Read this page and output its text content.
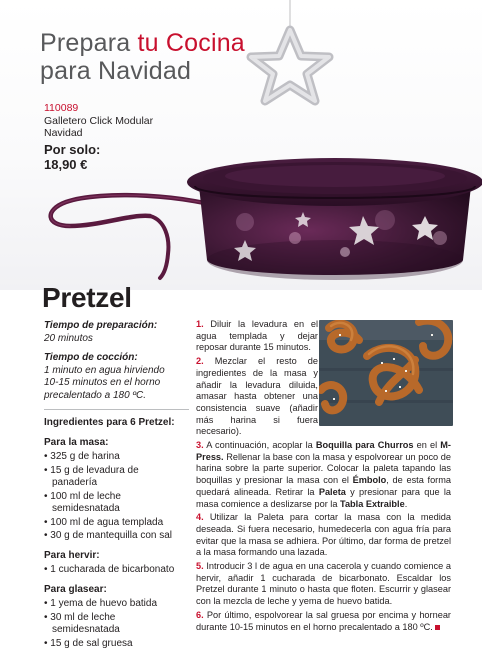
Prepara tu Cocina
para Navidad
110089
Galletero Click Modular
Navidad
Por solo:
18,90 €
Pretzel
Tiempo de preparación:
20 minutos
Tiempo de cocción:
1 minuto en agua hirviendo
10-15 minutos en el horno
precalentado a 180 ºC.
Ingredientes para 6 Pretzel:
Para la masa:
• 325 g de harina
• 15 g de levadura de panadería
• 100 ml de leche semidesnatada
• 100 ml de agua templada
• 30 g de mantequilla con sal
Para hervir:
• 1 cucharada de bicarbonato
Para glasear:
• 1 yema de huevo batida
• 30 ml de leche semidesnatada
• 15 g de sal gruesa
1. Diluir la levadura en el agua templada y dejar reposar durante 15 minutos.
2. Mezclar el resto de ingredientes de la masa y añadir la levadura diluida, amasar hasta obtener una consistencia suave (añadir más harina si fuera necesario).
3. A continuación, acoplar la Boquilla para Churros en el M-Press. Rellenar la base con la masa y espolvorear un poco de harina sobre la parte superior. Colocar la paleta tapando las boquillas y presionar la masa con el Émbolo, de esta forma quedará alineada. Retirar la Paleta y presionar para que la masa comience a deslizarse por la Tabla Extraible.
4. Utilizar la Paleta para cortar la masa con la medida deseada. Si fuera necesario, humedecerla con agua fría para evitar que la masa se adhiera. Por último, dar forma de pretzel a la masa formando una lazada.
5. Introducir 3 l de agua en una cacerola y cuando comience a hervir, añadir 1 cucharada de bicarbonato. Escaldar los Pretzel durante 1 minuto o hasta que floten. Escurrir y glasear con la mezcla de leche y yema de huevo batida.
6. Por último, espolvorear la sal gruesa por encima y hornear durante 10-15 minutos en el horno precalentado a 180 ºC.
